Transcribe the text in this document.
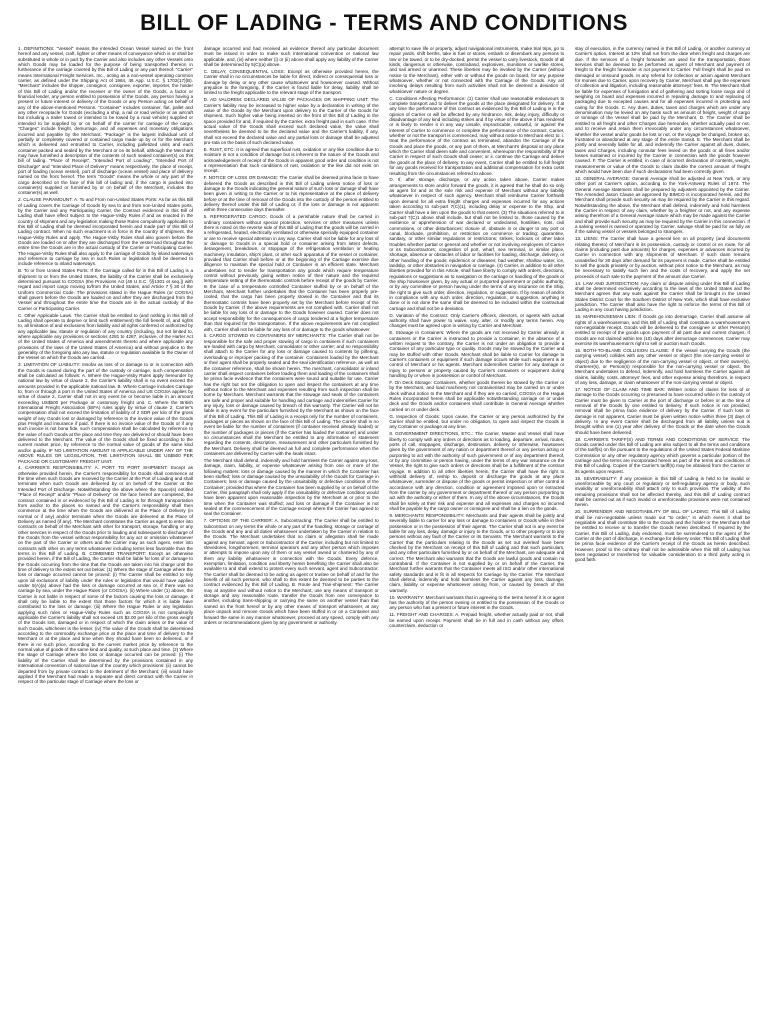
BILL OF LADING - TERMS AND CONDITIONS

1. DEFINITIONS: "Vessel" means the intended Ocean Vessel named on the front hereof and any vessel, craft, lighter or other means of conveyance which is or shall be substituted in whole or in part by the Carrier and also includes any other Vessels onto which Goods may be loaded for the purpose of being transported thereon in furtherance of the carriage covered by this Bill of Lading or any part thereof. "Carrier" means International Freight Services, Inc., acting as a non-vessel operating common carrier, as defined under the Shipping Act of 1984, 46 App. U.S.C. § 1702(17)(B). "Merchant" includes the shipper, consignor, consignee, exporter, importer, the holder of this Bill of Lading and/or the receiver or the owner of the Goods, a factor or financial lender, any person entitled to possession of the Goods, any person having a present or future interest or delivery of the Goods or any Person acting on behalf of any of the above-mentioned Persons. "Container" includes container, flat, pallet and any other receptacle for Goods (excluding a ship, a rail or road vehicle or an aircraft but including a trailer towed or intended to be towed by a road vehicle) supplied or intended to be supplied by or on behalf of the carrier for carriage of the cargo. "Charges" include freight, demurrage, and all expenses and monetary obligations incurred and payable by the Merchant. "Package" is the largest individual unit of partially or completely covered or contained cargo made up by or for the Merchant which is delivered and entrusted to Carrier, including palletized units and each container packed and sealed by the Merchant or on its behalf, although the Merchant may have furnished a description of the contents of such sealed container(s) on this bill of lading. "Place of Receipt", "Intended Port of Loading", "Intended Port of Discharge" and "Intended Place of Delivery" means respectively, the place of receipt, port of loading (ocean vessel), port of discharge (ocean vessel) and place of delivery named on the front hereof. The term "Goods" means the whole or any part of the cargo described on the face of this bill of lading and, if the cargo is packed into container(s) supplied or furnished by or on behalf of the Merchant, includes the container(s) as well.

2. CLAUSE PARAMOUNT: A. To and From non-United States Ports: As far as this Bill of Lading covers the Carriage of Goods by sea to and from non-United States ports, by the Carrier and any Participating Carrier, the Contract evidenced in this Bill of Lading shall have effect subject to the Hague-Visby Rules if and as enacted in the country of shipment and any legislation making those Rules compulsorily applicable to this Bill of Lading shall be deemed incorporated herein and made part of this Bill of Lading contract. When no such enactment is in force in the country of shipment, the Hague-Visby Rules and apply. The Hague-Visby Rules shall also govern before the Goods are loaded on or after they are discharged from the vessel and throughout the entire time the Goods are in the actual custody of the Carrier or Participating Carrier. The Hague-Visby Rules shall also apply to the carriage of Goods by inland waterways and reference to carriage by sea in such Rules or legislation shall be deemed to include reference to inland waterways.

B. To or from United States Ports: If the Carriage called for in this Bill of Lading is a shipment to or from the United States, the liability of the Carrier shall be exclusively determined pursuant to COGSA (the Provisions Act [46 U.S.C. §§1301 et seq.]) with regard and import cargo moving to/from the United States, and Article 7 § 30 of the Uniform Commercial Code. The provisions stated in the Hague Rules (or COGSA) shall govern before the Goods are loaded on and after they are discharged from the Vessel and throughout the entire time the Goods are in the actual custody of the Carrier or Participating Carrier.

C. Other Applicable Laws. The Carrier shall be entitled to (and nothing in this Bill of Lading shall operate to deprive or limit such entitlement) the full benefit of, and rights to, all limitation of and exclusions from liability and all rights conferred or authorized by any applicable law, statute or regulation of any country (including, but not limited to, where applicable any provisions or sections 4281 to 4287, inclusive, of the Harter Act of the United States of America and amendments thereto and where applicable any provisions of the laws of the United States of America) and without prejudice to the generality of the foregoing also any law, statute or regulation available to the Owner of the Vessel on which the Goods are carried.

3. LIMITATION OF LIABILITY: Insofar as loss of or damage to or in connection with the Goods is caused during the part of the custody or carriage, such compensation shall be calculated as follows: A. Where the Hague-Visby Rules apply hereunder by national law by virtue of clause 2, the Carrier's liability shall in no event exceed the amounts provided in the applicable national law. B. Where Carriage includes Carriage to, from or through a port in the United States of America and US COGSA applies by virtue of clause 2, Carrier shall not in any event be or become liable in an amount exceeding US$500 per Package or customary freight unit. C. Where the British International Freight Association (BIFA) rules apply by virtue of clause 2, Carrier's compensation shall not exceed the limitation of liability of 2 SDR per kilo of the gross weight of any Goods lost or damaged by reference to the invoice value of the Goods plus Freight and insurance if paid. If there is no invoice value of the Goods or if any such invoice is not bona fide, such compensation shall be calculated by reference to the value of such Goods at the place and time they are delivered or should have been delivered to the Merchant. The value of the Goods shall be fixed according to the current market price, by reference to the normal value of goods of the same kind and/or quality. IF NO LIMITATION AMOUNT IS APPLICABLE UNDER ANY OF THE ABOVE RULES OR LEGISLATION, THE LIMITATION SHALL BE US$500 PER PACKAGE OR CUSTOMARY FREIGHT UNIT.

4. CARRIER'S RESPONSIBILITY: A. PORT TO PORT SHIPMENT: Except as otherwise provided herein, the Carrier's responsibility for Goods shall commence at the time when such Goods are received by the Carrier at the Port of Loading and shall terminate when such Goods are delivered by or on behalf of the Carrier at the Intended Port of Discharge. Notwithstanding the above where the Space(s) entitled "Place of Receipt" and/or "Place of Delivery" on the face hereof are completed, the contract contained in or evidenced by this Bill of Lading is for through transportation from and/or to the places so named and the Carrier's responsibility shall then commence at the time when the Goods are delivered at the Place of Delivery (in normal or if any) and/or terminate when the Goods are delivered at the Place of Delivery as named (if any). The Merchant constitutes the Carrier as agent to enter into contracts on behalf of the Merchant with other for transport, storage, handling or any other services in respect of the Goods prior to loading and subsequent to discharge of the Goods from the vessel without responsibility for any act or omission whatsoever on the part of the Carrier or others and the Carrier may as such agent, enter into contracts with other on any terms whatsoever including terms less favorable than the terms in this Bill of Lading. B. COMBINED TRANSPORT: Except as otherwise provided herein, if the Bill of Lading, the Carrier shall be liable for loss of or damage to the Goods occurring from the time that the Goods are taken into his charge until the time of delivery to the extent set out below: (1) Where the stage of Carriage where the loss or damage occurred cannot be proved: (i) The Carrier shall be entitled to rely upon all exclusions of liability under the rules or legislation that would have applied under 5(A)(a) above had the loss or damage occurred at sea or, if there was no carriage by sea, under the Hague Rules (or COGSA). (ii) Where under (1) above, the Carrier is not liable in respect of some of the factors causing the loss or damage, it shall only be liable to the extent that those factors for which it is liable have contributed to the loss or damage. (iii) Where the Hague Rules or any legislation applying such rules or Hague-Visby Rules such as COGSA is not compulsorily applicable the Carrier's liability shall not exceed US $2.00 per kilo of the gross weight of the Goods lost, damaged or in respect of which the claim arises or the value of such Goods, whichever is the lesser. (iv) The value of the Goods shall be determined according to the commodity exchange price at the place and time of delivery to the Merchant or at the place and time when they should have been so delivered, or if there is no such price, according to the current market price by reference to the normal value of goods of the same kind and quality, at such place and time. (2) Where the stage of Carriage where the loss or damage occurred can be proved: (i) The liability of the Carrier shall be determined by the provisions contained in any international convention of national law of the country which provisions: (ii) cannot be departed from by private contract to the detriment of the Merchant; (iii) would have applied if the Merchant had made a separate and direct contract with the Carrier in respect of the particular stage of Carriage where the loss or

damage occurred and had received as evidence thereof any particular document must be issued in order to make such international convention or national law applicable, and, (iv) where neither (i) or (ii) above shall apply any liability of the Carrier shall be determined by 5(C)(a) above.

C. DELAY, CONSEQUENTIAL LOSS: Except as otherwise provided herein, the Carrier shall in no circumstances be liable for direct, indirect or consequential loss or damage by delay or any other cause whatsoever and howsoever caused. Without prejudice to the foregoing, if the Carrier is found liable for delay, liability shall be limited to the freight applicable to the relevant stage of the transport.

D. AD VALOREM: DECLARED VALUE OF PACKAGES OR SHIPPING UNIT: The Carrier's liability may be increased to higher value by a declaration in writing of the value of the Goods by the Merchant upon delivery to the Carrier of the Goods for shipment. Such higher value being inserted on the front of this Bill of Lading in the space provided for and, if required by the Carrier, extra freight paid in such case. If the actual value of the Goods shall exceed such declared value, the value shall nevertheless be deemed to be the declared value and the Carrier's liability, if any, shall not exceed the declared value and any partial loss or damage shall be adjusted pro-rata on the basis of such declared value.

E. RUST, ETC: It is agreed that superficial rust, oxidation or any like condition due to moisture is not a condition of damage but is inherent to the nature of the Goods and acknowledgement of receipt of the Goods in apparent good order and condition is not a representation that such conditions of rust, oxidation or the like did not exist on receipt.

F. NOTICE OF LOSS OR DAMAGE: The Carrier shall be deemed prima facie to have delivered the Goods as described in this Bill of Lading unless notice of loss or damage to the Goods indicating the general nature of such loss or damage shall have been given in writing to the Carrier or to his representative at the place of delivery before or at the time of removal of the Goods into the custody of the person entitled to delivery thereof under this Bill of Lading or, if the loss or damage is not apparent within three consecutive days thereafter.

5. REFRIGERATED CARGO: Goods of a perishable nature shall be carried in ordinary containers without special protection, services or other measures unless there is noted on the reverse side of this Bill of Lading that the goods will be carried in a refrigerated, heated, electrically ventilated or otherwise specially equipped container or are to receive special attention in any way. Carrier shall not be liable for any loss of or damage to Goods in a special hold or container arising from latent defects, derangement, breakdown, or stoppage of the refrigeration ventilation or heating machinery, insulation, ship's plant, or other such apparatus of the vessel or container, provided that Carrier shall before or at the beginning of the Carriage exercise due diligence to maintain the special hold or Container in an efficient state. Merchant undertakes not to tender for transportation any goods which require temperature control without previously giving written notice of their nature and the required temperature setting of the thermostatic controls before receipt of the goods by Carrier. In the case of a temperature controlled Container stuffed by or on behalf of the Merchant, Merchant further undertakes that the Container has been properly pre-cooled, that the cargo has been properly stowed in the Container and that its thermostatic controls have been properly set by the Merchant before receipt of the Goods by Carrier. If the above requirements are not complied with, Carrier shall not be liable for any loss of or damage to the Goods however caused. Carrier does not accept responsibility for the consequences of cargo tendered at a higher temperature than that required for the transportation. If the above requirements are not complied with, Carrier shall not be liable for any loss of or damage to the goods whatsoever.

6. CARGO STOWED IN CONTAINERS BY MERCHANTS: The Carrier shall not be responsible for the safe and proper stowing of cargo in containers if such containers are loaded with cargo by Merchant, consolidator or other carrier; and no responsibility shall attach to the Carrier for any loss or damage caused to contents by pilfering, overloading or improper packing of the container. Containers loaded by the Merchant or their agent shall be properly sealed and the seal identification reference, as well as the container reference, shall be shown herein. The merchant, consolidator or inland carrier shall inspect containers before loading them and loading of the containers shall be prima facie evidence that the containers were sound and suitable for use. Carrier has the right but not the obligation to open and inspect the containers at any time without notice to the Merchant and expenses resulting from such inspection shall be borne by Merchant. Merchant warrants that the stowage and seals of the containers are safe and proper and suitable for handling and carriage and indemnifies Carrier for any injury, loss or damage caused by breach of this warranty. The Carrier will not be liable in any event for the particulars furnished by the Merchant as shown on the face of this Bill of Lading. This Bill of Lading is a receipt only for the number of containers, packages or pieces as shown on the face of this Bill of Lading. The Carrier shall in no event be liable for the number of containers (if container received already loaded) or the number of packages or pieces (if the Carrier has loaded the container) and under no circumstances shall the Merchant be entitled to any information or statement regarding the contents, description, measurement and other particulars furnished by the Merchant. Delivery shall be deemed as full and complete performance when the containers are delivered by Carrier with the seals intact.

The Merchant shall defend, indemnify and hold harmless the Carrier against any loss, damage, claim, liability, or expense whatsoever arising from one or more of the following matters: loss or damage caused by the manner in which the Container has been stuffed; loss or damage caused by the unsuitability of the Goods for Carriage in Containers; loss or damage caused by the unsuitability or defective conditions of the Container; provided that where the Container has been supplied by or on behalf of the Carrier, this paragraph shall only apply if the unsuitability or defective condition would have been apparent upon reasonable inspection by the Merchant at or prior to the time when the Container was stuffed; and loss or damage if the Container is not sealed at the commencement of the Carriage except where the Carrier has agreed to seal the Container.

7. OPTIONS OF THE CARRIER: A. Subcontracting: The Carrier shall be entitled to subcontract on any terms the whole or any part of the handling, storage or carriage of the Goods and any and all duties whatsoever undertaken by the Carrier in relation to the Goods. The Merchant undertakes that no claim or allegation shall be made against any Servant, agent or Subcontractor of the Carrier, including but not limited to stevedores, longshoremen, terminal operators and any other person which imposes or attempts to impose upon any of them or any vessel owned or chartered by any of them any liability whatsoever in connection with the Goods. Every defence, exemption, limitation, condition and liberty herein benefiting the Carrier shall also be available to and shall extend to protect every such servant, agent and Subcontractor. The Carrier shall be deemed to be acting as agent or trustee on behalf of and for the benefit of all such persons, who shall to this extent be deemed to be parties to the contract evidenced by this Bill of Lading. B. Route and Tran-shipment: The Carrier may at anytime and without notice to the Merchant, use any means of transport or storage and any reasonable route, transfer the Goods from one conveyance to another, including trans-shipping or carrying the same on another vessel than that named on the front hereof or by any other means of transport whatsoever, at any place unpack and remove Goods which have been stuffed in or on a Container and forward the same in any manner whatsoever, proceed at any speed, comply with any orders or recommendations given by any government or authority.

attempt to save life or property, adjust navigational instruments, make trial trips, go to repair yards, shift berths, take in fuel or stores, embark or disembark any persons to tow or be towed, or to be dry-docked; permit the vessel to carry livestock, Goods of all kinds, dangerous or otherwise, contraband, explosives, munitions or warlike stores, and sail armed or unarmed. These liberties may be invoked by the Carrier (without notice to the Merchant), either with or without the goods on board, for any purpose whatsoever, whether or not connected with the Carriage of the Goods. Any act involving delays resulting from such activities shall not be deemed a deviation of whatsoever nature or degree.

C. Conditions Affecting Performance: (1) Carrier shall use reasonable endeavours to complete transport and to deliver the goods at the place designated for delivery. If at any time the performance of this contract as evidenced by this Bill of Lading is in the opinion of Carrier or will be affected by any hindrance, risk, delay, injury, difficulty or disadvantage of any kind including strikes and if by virtue of the above it has rendered or is likely to render it in any way unsafe, impracticable, unlawful, or against the interest of Carrier to commence or complete the performance of the contract, Carrier, whether or not the transport is commenced, may without notice to Merchant elect to: i. treat the performance of the contract as terminated, abandon the Carriage of the Goods and place the goods, or any part of them, at Merchant's disposal at any place which the Carrier shall deem safe and convenient, whereupon the responsibility of the Carrier in respect of such Goods shall cease; or ii. continue the Carriage and deliver the goods at the place of delivery. In any event, Carrier shall be entitled to full freight for any goods received for transportation and additional compensation for extra costs resulting from the circumstances referred to above.

D. If, after storage, discharge, or any action taken above, Carrier makes arrangements to store and/or forward the goods, it is agreed that he shall do so only as agent for and at the sole risk and expense of Merchant without any liability whatsoever in respect of such agency. Merchant shall reimburse Carrier forthwith upon demand for all extra freight charges and expenses incurred for any actions taken according to sub-part 7(C)(1), including delay or expense to the Ship, and Carrier shall have a lien upon the goods to that extent. (3) The situations referred to in sub-part 7(C)1 above shall include, but shall not be limited to, those caused by the existence or apprehension of war declared or undeclared, hostilities, riots, civil commotions, or other disturbances; closure of, obstacle in or danger to any port or canal, blockade, prohibition, or restriction on commerce or trading; quarantine, sanitary, or other similar regulations or restrictions; strikes, lockouts or other labor troubles whether partial or general and whether or not involving employees of Carrier or its Subcontractors; congestion of port, wharf, sea terminal, or similar place, shortage, absence or obstacles of labor or facilities for loading, discharge, delivery, or other handling of the goods; epidemics or diseases; bad weather, shallow water, ice, landslip, or other obstacles in navigation or carriage. (4) Carrier, in addition to all other liberties provided for in this Article, shall have liberty to comply with orders, directions, regulations or suggestions as to navigation or the carriage or handling of the goods or the ship howsoever given, by any actual or purported government or public authority, or by any committee or person having under the terms of any insurance on the Ship, the right to give such order, direction, regulation, or suggestion. If by reason of and/or in compliance with any such order, direction, regulation, or suggestion, anything is done or is not done the same shall be deemed to be included within the contractual carriage and shall not be a deviation.

D. Variation of the Contract: Only Carrier's officers, directors, or agents with actual authority shall have power to waive, vary, alter, or modify any terms herein. Any changes must be agreed upon in writing by Carrier and Merchant.

E. Stowage in Containers: Where the goods are not received by Carrier already in containers or the Carrier is instructed to provide a Container, in the absence of a written request to the contrary, the Carrier is not under an obligation to provide a Container of any particular type or quality. Goods may be stowed by the Carrier and may be stuffed with other Goods. Merchant shall be liable to Carrier for damage to Carrier's containers or equipment if such damage occurs while such equipment is in control of Merchant or his agents. Merchant indemnifies Carrier for any damage or injury to persons or property caused by Carrier's containers or equipment during handling by or when in possession or control of Merchant.

F. On Deck Storage: Containers, whether goods therein be stowed by the Carrier or by the Merchant, and load machinery not containerised may be carried on or under deck without notice to the Merchant and if they are so carried, COGSA or the Hague Rules incorporated herein shall be applicable notwithstanding carriage on or under deck and the Goods and/or containers shall contribute in General Average whether carried on or under deck.

G. Inspection of Goods: Upon cause, the Carrier or any person authorized by the Carrier shall be entitled, but under no obligation, to open and inspect the Goods in any Container or package at any time.

8. GOVERNMENT DIRECTIONS, ETC.: The Carrier, Master and Vessel shall have liberty to comply with any orders or directions as to loading, departure, arrival, routes, ports of call, stoppages, discharge, destination, delivery or otherwise, howsoever given by the government of any nation or department thereof or any person acting or purporting to act with the authority of such government or of any department thereof, or by any committee or person having, under the terms of any war insurance on the Vessel, the right to give such orders or directions shall be a fulfillment of the contract voyage. In addition to all other liberties herein, the Carrier shall have the right to withhold delivery of, reship to, deposit or discharge the goods at any place whatsoever, surrender or dispose of the goods or permit inspection or other control in accordance with any direction, condition or agreement imposed upon or extracted from the carrier by any government or department thereof or any person purporting to act with the authority or either of them. In any of the above circumstances, the Goods shall be solely at their risk and expense and all expenses and charges so incurred shall be payable by the cargo owner or consignee and shall be a lien on the goods.

9. MERCHANTS RESPONSIBILITY: Merchants and their agents shall be jointly and severally liable to carrier for any loss or damage to containers or Goods while in their possession or in the possession of their agents. The Carrier shall not in any event be liable for any loss, delay, damage or injury to the Goods, or to other property or to any persons without any fault of the Carrier or its Servants. The Merchant warrants to the Carrier that the particulars relating to the Goods as set out overleaf have been checked by the Merchant on receipt of this Bill of Lading and that such particulars, and any other particulars furnished by or on behalf of the Merchant, are adequate and correct. The Merchant also warrants that the Goods are lawful goods and contain no contraband. If the Container is not supplied by or on behalf of the Carrier, the Merchant further warrants that the Container meets all ISO and/or other international safety standards and is fit in all respects for Carriage by the Carrier. The Merchant shall defend, indemnify and hold harmless the Carrier against any loss, damage, claim, liability or expense whatsoever arising from, or caused by breach of this warranty.

10. WARRANTY: Merchant warrants that in agreeing to the terms hereof it is or agent has the authority of the person owning or entitled to the possession of the Goods or any person who has a present or future interest in the Goods.

11. FREIGHT AND CHARGES: A. Prepaid freight, whether actually paid or not, shall be earned upon receipt. Payment shall be in full and in cash without any offset, counterclaim, deduction or

stay of execution, in the currency named in this Bill of Lading, or another currency at Carrier's option. Interest at 12% shall run from the date when freight and charges are due. If the services of a freight forwarder are used for the transportation, those services shall be deemed to be performed as agent of Merchant and payment of freight to the freight forwarder is not payment to Carrier. Full freight shall be paid on damaged or unsound goods. In any referral for collection or action against Merchant for monies due to Carrier, upon recovery by Carrier, Merchant shall pay the expenses of collection and litigation, including reasonable attorneys' fees. B. The Merchant shall be liable for expenses of fumigation and of gathering and sorting loose cargo and of weighing on board and expenses incurred in repairing damage to and replacing of packaging due to excepted causes and for all expenses incurred in protecting and caring for the Goods. C. Any dues, duties, taxes and charges which are under any denomination may be levied on any basis such as amount of freight, weight of cargo or tonnage of the Vessel shall be paid by the Merchant. D. The Carrier shall be entitled to all freight and other Charges due hereunder, whether actually paid or not, and to receive and retain them irrevocably under any circumstances whatsoever, whether the vessel and/or goods be lost or not, or the voyage be changed, broken up, frustrated or abandoned at any stage of the entire transit. E. The Merchant shall be jointly and severally liable for all, and indemnify the Carrier against all dues, duties, taxes and Charges, including consular fees levied on the goods or all fines and/or losses sustained or incurred by the Carrier in connection with the goods however caused. F. The Carrier is entitled, in case of incorrect declaration of contents, weight, measurements or value of the Goods to claim double the correct amount of freight which would have been due if such declarations had been correctly given.

12. GENERAL AVERAGE: General Average shall be adjusted at New York, or any other port at Carrier's option, according to the York-Antwerp Rules of 1974. The General Average statement shall be prepared by adjusters appointed by the Carrier. The Amended Jason Clause as approved by BIMCO is incorporated herein, and the Merchant shall provide such security as may be required by the Carrier in this regard. Notwithstanding the above, the Merchant shall defend, indemnify and hold harmless the Carrier in respect of any claim, whether by a freighter or not, and any expense arising therefrom of a General Average nature which may be made against the Carrier and shall provide such security as may be required by the Carrier in this connection. If a salving vessel is owned or operated by Carrier, salvage shall be paid for as fully as if the salving vessel or vessels belonged to strangers.

13. LIENS: The Carrier shall have a general lien on all property (and documents relating thereto) of Merchant in its possession, custody or control or en route, for all claims (including past due amounts) for charges, expenses or advances incurred by Carrier in connection with any shipments of Merchant. If such claim remains unsatisfied for 30 days after demand for its payment is made, Carrier shall be entitled to sell the goods privately or by auction, without prior notice to the Merchant, as may be necessary to satisfy such lien and the costs of recovery, and apply the net proceeds of such sale to the payment of the amount due Carrier.

14. LAW AND JURISDICTION: Any claim or dispute arising under this Bill of Lading shall be determined exclusively according to the laws of the United States and the Merchant agrees that any suits against the Carrier shall be brought in the United States District Court for the Southern District of New York, which shall have exclusive jurisdiction. The Carrier shall also have the right to enforce the terms of this Bill of Lading in any court having jurisdiction.

15. MAREHOUSEMAN LIEN: If Goods go into demurrage, Carrier shall assume all rights of a warehouseman, and this Bill of Lading shall constitute a warehouseman's non-negotiable receipt. Goods will be delivered to the consignee or other Person(s) entitled to receipt of the goods upon payment of all past due and current charges. If Goods are not claimed within ten (10) days after demurrage commences, Carrier may exercise its warehouseman's right to sell or auction such Goods.

16. BOTH-TO-BLAME COLLISION CLAUSE: If the vessel carrying the Goods (the carrying vessel) collides with any other vessel or object (the non-carrying vessel or object) due to the negligence of the non-carrying vessel or object, or their owner(s), charterer(s), or Person(s) responsible for the non-carrying vessel or object, the Merchant undertakes to defend, indemnify, and hold harmless the Carrier against all claims, liability, costs, attorneys' fees, and other expense arising therefrom, in respect of any loss, damage, or claim whatsoever of the non-carrying vessel or object.

17. NOTICE OF CLAIM AND TIME BAR: Written notice of claims for loss of or damage to the Goods occurring or presumed to have occurred while in the custody of Carrier must be given to Carrier at the port of discharge or before or at the time of removal of the Goods by one entitled to delivery. If such notice is not provided, removal shall be prima facie evidence of delivery by the Carrier. If such loss or damage is not apparent, Carrier must be given written notice within three (3) days of delivery. In any event Carrier shall be discharged from all liability unless suit is brought within one (1) year after delivery of the Goods or the date when the Goods should have been delivered.

18. CARRIER'S TARIFF(S) AND TERMS AND CONDITIONS OF SERVICE: The Goods carried under this Bill of Lading are also subject to all the terms and conditions of the tariff(s) on file pursuant to the regulations of the United States Federal Maritime Commission or any other regulatory agency which governs a particular portion of the carriage and the terms are incorporated herein as part of the terms and conditions of this Bill of Lading. Copies of the Carrier's tariff(s) may be obtained from the Carrier or its agents upon request.

19. SEVERABILITY: If any provision in this Bill of Lading is held to be invalid or unenforceable by any court or regulatory or self-regulatory agency or body, such invalidity or unenforceability shall attach only to such provision. The validity of the remaining provisions shall not be affected thereby, and this Bill of Lading contract shall be carried out as if such invalid or unenforceable provisions were not contained herein.

20. SURRENDER AND NEGOTIABILITY OF BILL OF LADING: This Bill of Lading shall be non-negotiable unless made out "to order," in which event it shall be negotiable and shall constitute title to the Goods and the holder or the Merchant shall be entitled to receive or to transfer the Goods herein described. If required by the Carrier, this Bill of Lading, duly endorsed, must be surrendered to the agent of the Carrier at the port of discharge, in exchange for delivery order. This Bill of Lading shall be prima facie evidence of the Carrier's receipt of the Goods as herein described. However, proof to the contrary shall not be admissible when this Bill of Lading has been negotiated or transferred for valuable consideration to a third party acting in good faith.
